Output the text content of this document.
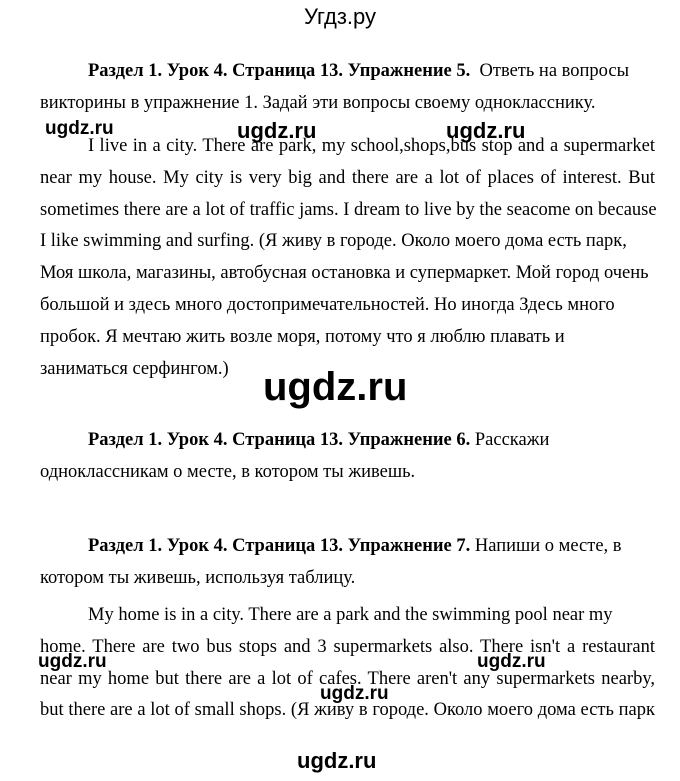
Угдз.ру
Раздел 1. Урок 4. Страница 13. Упражнение 5. Ответь на вопросы
викторины в упражнение 1. Задай эти вопросы своему однокласснику.
I live in a city. There are park, my school,shops,bus stop and a supermarket
near my house. My city is very big and there are a lot of places of interest. But
sometimes there are a lot of traffic jams. I dream to live by the seacome on because
I like swimming and surfing. (Я живу в городе. Около моего дома есть парк,
Моя школа, магазины, автобусная остановка и супермаркет. Мой город очень
большой и здесь много достопримечательностей. Но иногда Здесь много
пробок. Я мечтаю жить возле моря, потому что я люблю плавать и
заниматься серфингом.)
Раздел 1. Урок 4. Страница 13. Упражнение 6. Расскажи
одноклассникам о месте, в котором ты живешь.
Раздел 1. Урок 4. Страница 13. Упражнение 7. Напиши о месте, в
котором ты живешь, используя таблицу.
My home is in a city. There are a park and the swimming pool near my
home. There are two bus stops and 3 supermarkets also. There isn't a restaurant
near my home but there are a lot of cafes. There aren't any supermarkets nearby,
but there are a lot of small shops. (Я живу в городе. Около моего дома есть парк
ugdz.ru	ugdz.ru	ugdz.ru
ugdz.ru
ugdz.ru	ugdz.ru
ugdz.ru
ugdz.ru
